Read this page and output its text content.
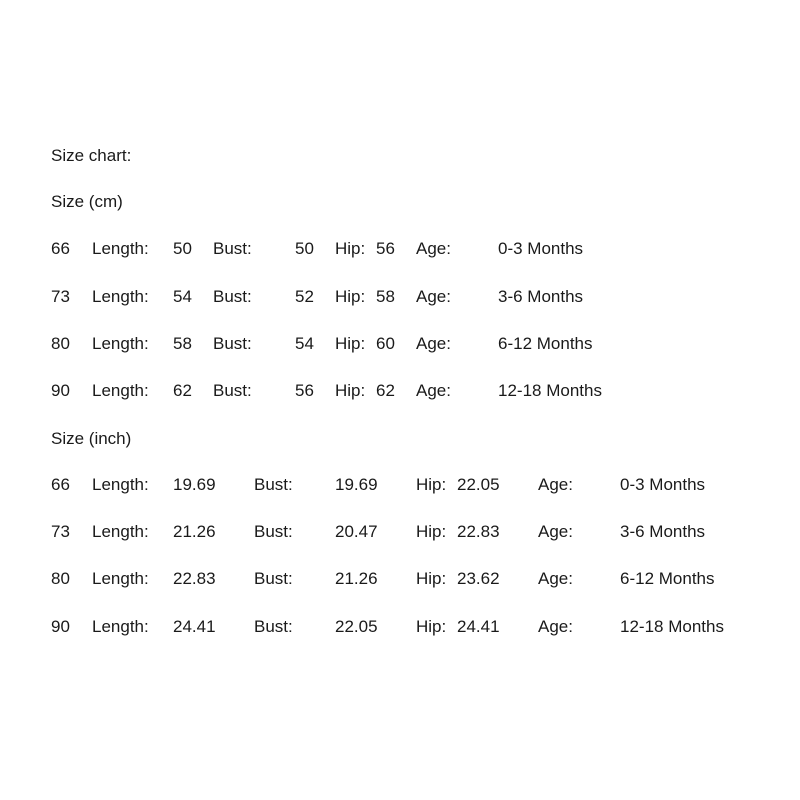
Size chart:
Size (cm)
66 Length: 50 Bust:	50 Hip: 56 Age:	0-3 Months
73 Length: 54 Bust:	52 Hip: 58 Age:	3-6 Months
80 Length: 58 Bust:	54 Hip: 60 Age:	6-12 Months
90 Length: 62 Bust:	56 Hip: 62 Age:	12-18 Months
Size (inch)
66 Length: 19.69 Bust: 19.69 Hip: 22.05 Age:	0-3 Months
73 Length: 21.26 Bust: 20.47 Hip: 22.83 Age:	3-6 Months
80 Length: 22.83 Bust: 21.26 Hip: 23.62 Age:	6-12 Months
90 Length: 24.41 Bust: 22.05 Hip: 24.41 Age:	12-18 Months
